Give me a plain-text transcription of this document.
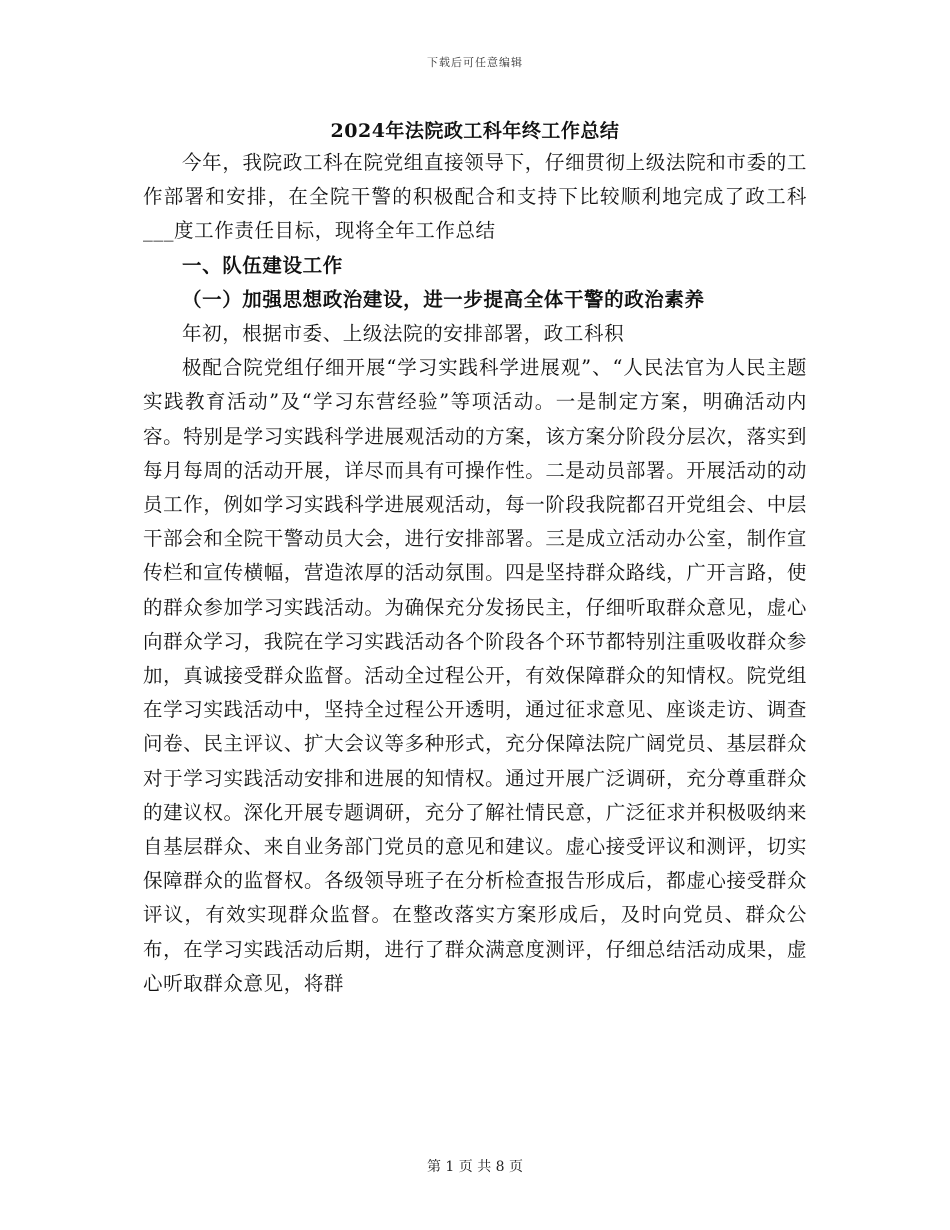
下载后可任意编辑
2024年法院政工科年终工作总结

今年，我院政工科在院党组直接领导下，仔细贯彻上级法院和市委的工作部署和安排，在全院干警的积极配合和支持下比较顺利地完成了政工科___度工作责任目标，现将全年工作总结

一、队伍建设工作

（一）加强思想政治建设，进一步提高全体干警的政治素养

年初，根据市委、上级法院的安排部署，政工科积

极配合院党组仔细开展“学习实践科学进展观”、“人民法官为人民主题实践教育活动”及“学习东营经验”等项活动。一是制定方案，明确活动内容。特别是学习实践科学进展观活动的方案，该方案分阶段分层次，落实到每月每周的活动开展，详尽而具有可操作性。二是动员部署。开展活动的动员工作，例如学习实践科学进展观活动，每一阶段我院都召开党组会、中层干部会和全院干警动员大会，进行安排部署。三是成立活动办公室，制作宣传栏和宣传横幅，营造浓厚的活动氛围。四是坚持群众路线，广开言路，使的群众参加学习实践活动。为确保充分发扬民主，仔细听取群众意见，虚心向群众学习，我院在学习实践活动各个阶段各个环节都特别注重吸收群众参加，真诚接受群众监督。活动全过程公开，有效保障群众的知情权。院党组在学习实践活动中，坚持全过程公开透明，通过征求意见、座谈走访、调查问卷、民主评议、扩大会议等多种形式，充分保障法院广阔党员、基层群众对于学习实践活动安排和进展的知情权。通过开展广泛调研，充分尊重群众的建议权。深化开展专题调研，充分了解社情民意，广泛征求并积极吸纳来自基层群众、来自业务部门党员的意见和建议。虚心接受评议和测评，切实保障群众的监督权。各级领导班子在分析检查报告形成后，都虚心接受群众评议，有效实现群众监督。在整改落实方案形成后，及时向党员、群众公布，在学习实践活动后期，进行了群众满意度测评，仔细总结活动成果，虚心听取群众意见，将群

第 1 页 共 8 页
